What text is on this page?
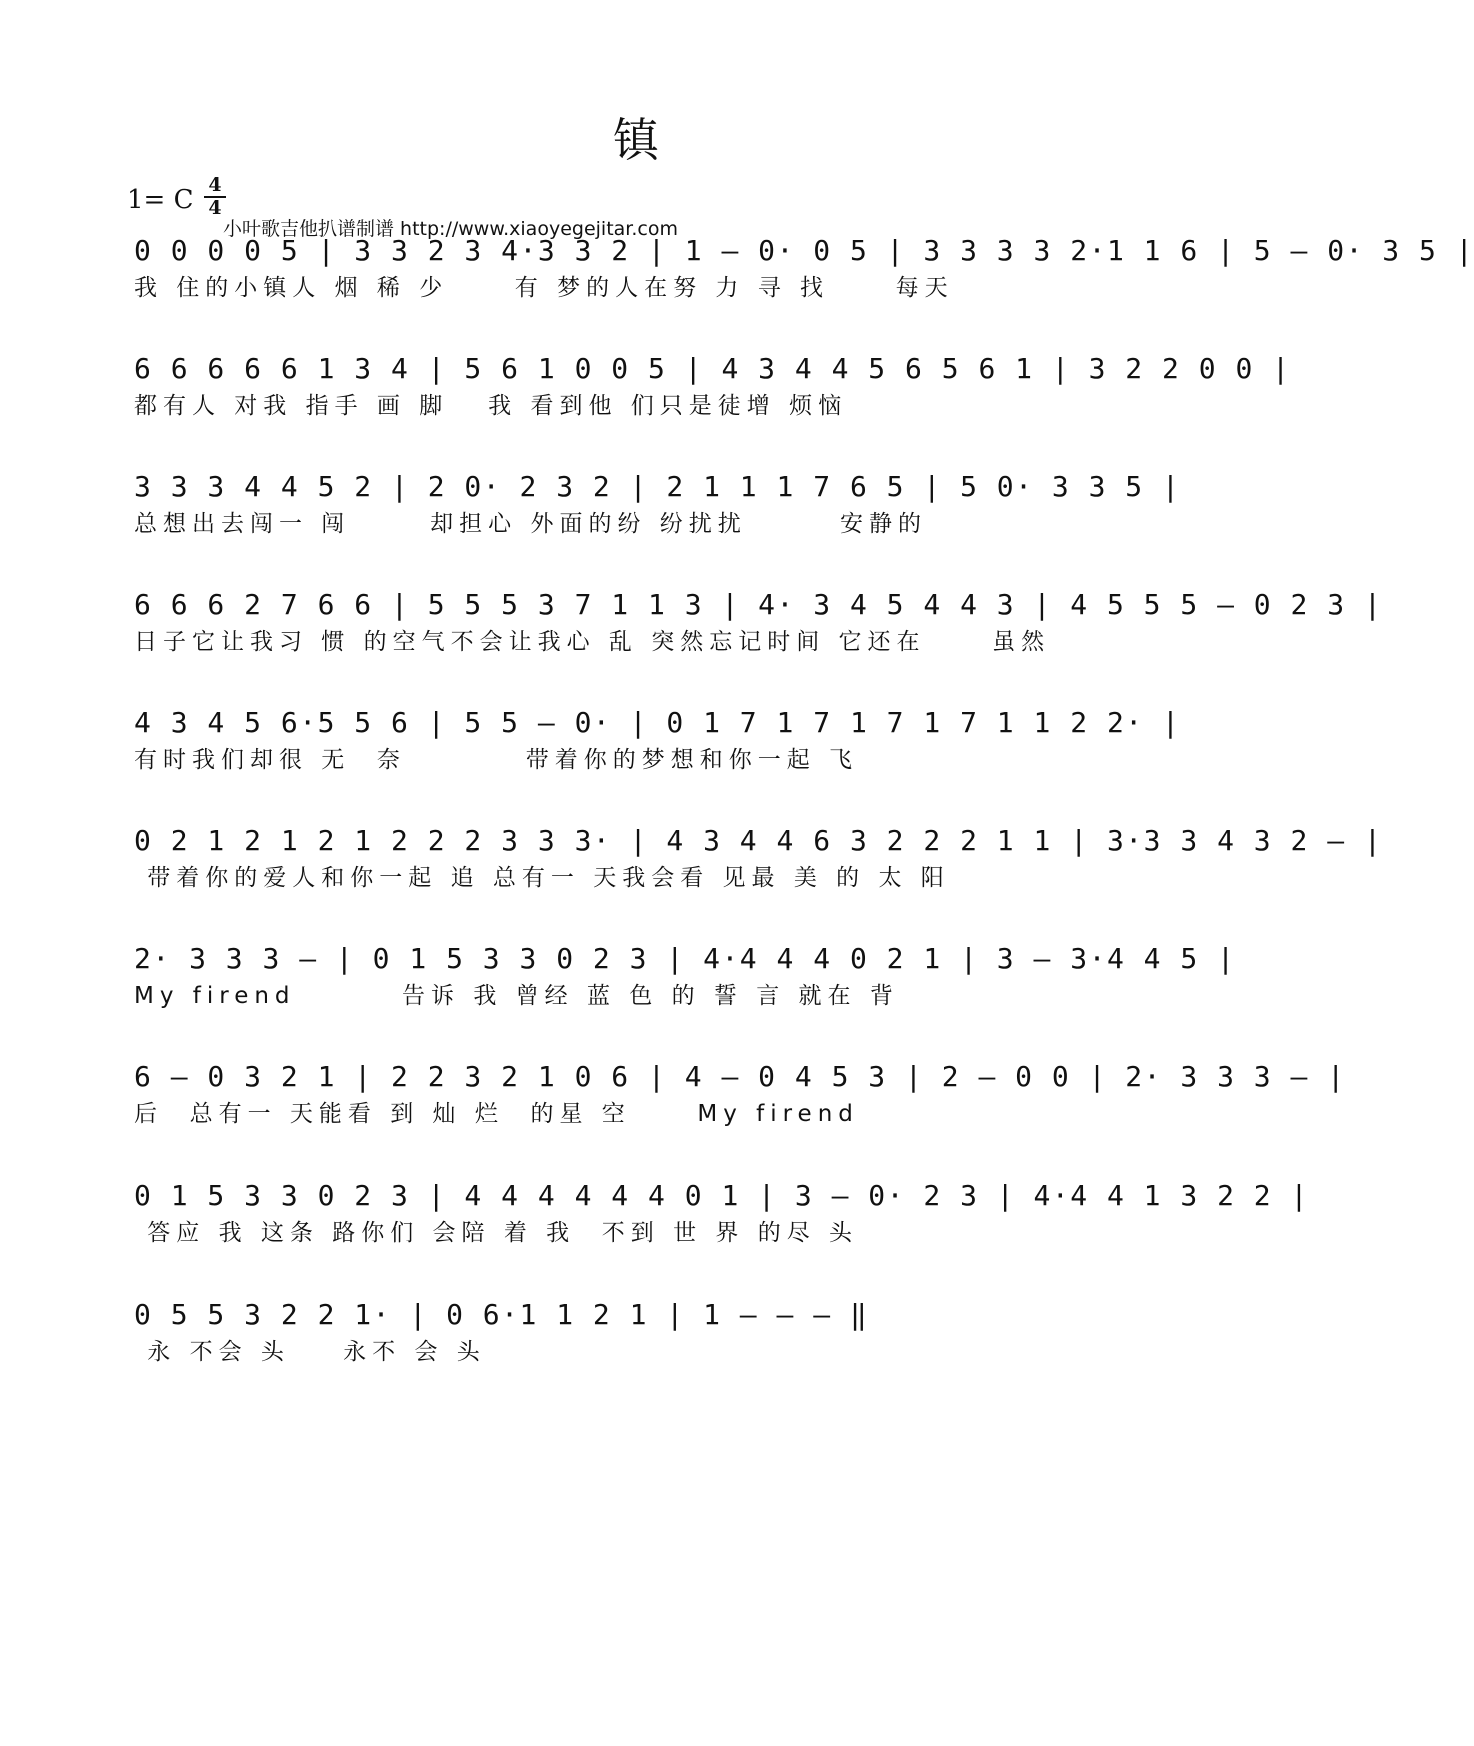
镇
1= C 4
4
小叶歌吉他扒谱制谱 http://www.xiaoyegejitar.com
0 0 0 0 5 | 3 3 2 3 4·3 3 2 | 1 – 0· 0 5 | 3 3 3 3 2·1 1 6 | 5 – 0· 3 5 |
我 住的小镇人 烟 稀 少     有 梦的人在努 力 寻 找     每天
6 6 6 6 6 1 3 4 | 5 6 1 0 0 5 | 4 3 4 4 5 6 5 6 1 | 3 2 2 0 0 |
都有人 对我 指手 画 脚   我 看到他 们只是徒增 烦恼
3 3 3 4 4 5 2 | 2 0· 2 3 2 | 2 1 1 1 7 6 5 | 5 0· 3 3 5 |
总想出去闯一 闯      却担心 外面的纷 纷扰扰       安静的
6 6 6 2 7 6 6 | 5 5 5 3 7 1 1 3 | 4· 3 4 5 4 4 3 | 4 5 5 5 – 0 2 3 |
日子它让我习 惯 的空气不会让我心 乱 突然忘记时间 它还在     虽然
4 3 4 5 6·5 5 6 | 5 5 – 0· | 0 1 7 1 7 1 7 1 7 1 1 2 2· |
有时我们却很 无  奈         带着你的梦想和你一起 飞
0 2 1 2 1 2 1 2 2 2 3 3 3· | 4 3 4 4 6 3 2 2 2 1 1 | 3·3 3 4 3 2 – |
带着你的爱人和你一起 追 总有一 天我会看 见最 美 的 太 阳
2· 3 3 3 – | 0 1 5 3 3 0 2 3 | 4·4 4 4 0 2 1 | 3 – 3·4 4 5 |
My firend        告诉 我 曾经 蓝 色 的 誓 言 就在 背
6 – 0 3 2 1 | 2 2 3 2 1 0 6 | 4 – 0 4 5 3 | 2 – 0 0 | 2· 3 3 3 – |
后  总有一 天能看 到 灿 烂  的星 空     My firend
0 1 5 3 3 0 2 3 | 4 4 4 4 4 4 0 1 | 3 – 0· 2 3 | 4·4 4 1 3 2 2 |
答应 我 这条 路你们 会陪 着 我  不到 世 界 的尽 头
0 5 5 3 2 2 1· | 0 6·1 1 2 1 | 1 – – – ‖
永 不会 头    永不 会 头
